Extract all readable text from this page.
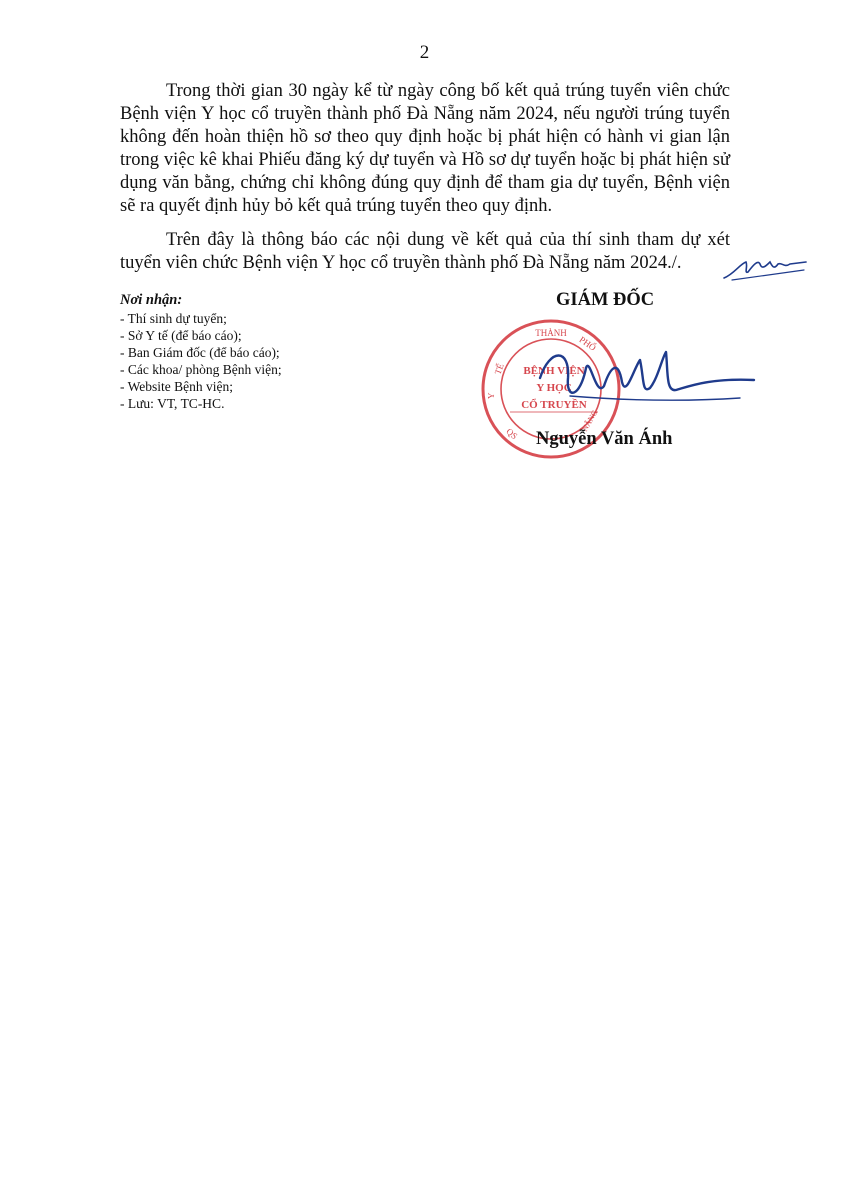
2

Trong thời gian 30 ngày kể từ ngày công bố kết quả trúng tuyển viên chức Bệnh viện Y học cổ truyền thành phố Đà Nẵng năm 2024, nếu người trúng tuyển không đến hoàn thiện hồ sơ theo quy định hoặc bị phát hiện có hành vi gian lận trong việc kê khai Phiếu đăng ký dự tuyển và Hồ sơ dự tuyển hoặc bị phát hiện sử dụng văn bằng, chứng chỉ không đúng quy định để tham gia dự tuyển, Bệnh viện sẽ ra quyết định hủy bỏ kết quả trúng tuyển theo quy định.

Trên đây là thông báo các nội dung về kết quả của thí sinh tham dự xét tuyển viên chức Bệnh viện Y học cổ truyền thành phố Đà Nẵng năm 2024./.

Nơi nhận:
- Thí sinh dự tuyển;
- Sở Y tế (để báo cáo);
- Ban Giám đốc (để báo cáo);
- Các khoa/ phòng Bệnh viện;
- Website Bệnh viện;
- Lưu: VT, TC-HC.
GIÁM ĐỐC
THÀNH
PHỐ
TẾ
Y
QS
NẴNG
BỆNH VIỆN
Y HỌC
CỔ TRUYỀN
Nguyễn Văn Ánh
